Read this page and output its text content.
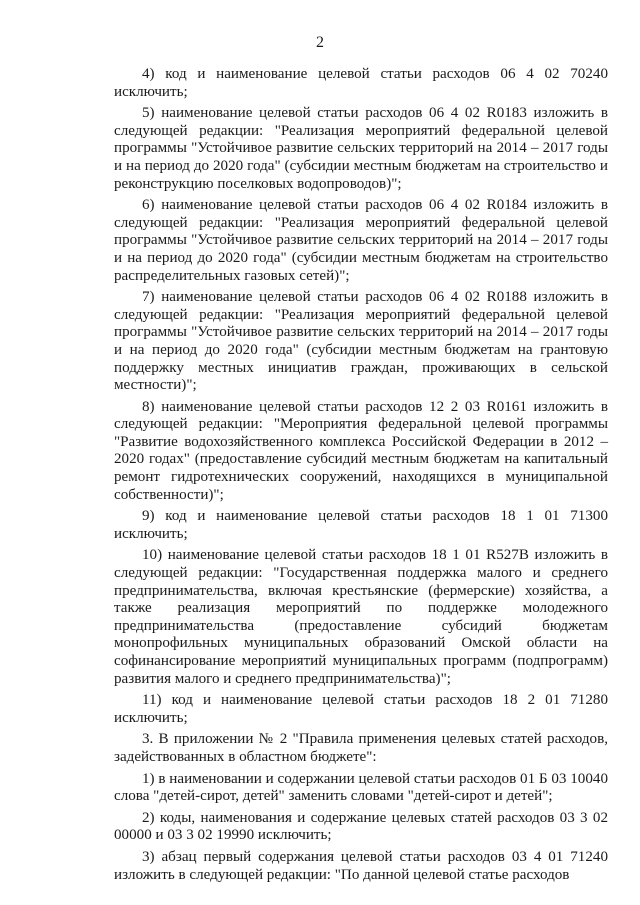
2

4) код и наименование целевой статьи расходов 06 4 02 70240 исключить;

5) наименование целевой статьи расходов 06 4 02 R0183 изложить в следующей редакции: "Реализация мероприятий федеральной целевой программы "Устойчивое развитие сельских территорий на 2014 – 2017 годы и на период до 2020 года" (субсидии местным бюджетам на строительство и реконструкцию поселковых водопроводов)";

6) наименование целевой статьи расходов 06 4 02 R0184 изложить в следующей редакции: "Реализация мероприятий федеральной целевой программы "Устойчивое развитие сельских территорий на 2014 – 2017 годы и на период до 2020 года" (субсидии местным бюджетам на строительство распределительных газовых сетей)";

7) наименование целевой статьи расходов 06 4 02 R0188 изложить в следующей редакции: "Реализация мероприятий федеральной целевой программы "Устойчивое развитие сельских территорий на 2014 – 2017 годы и на период до 2020 года" (субсидии местным бюджетам на грантовую поддержку местных инициатив граждан, проживающих в сельской местности)";

8) наименование целевой статьи расходов 12 2 03 R0161 изложить в следующей редакции: "Мероприятия федеральной целевой программы "Развитие водохозяйственного комплекса Российской Федерации в 2012 – 2020 годах" (предоставление субсидий местным бюджетам на капитальный ремонт гидротехнических сооружений, находящихся в муниципальной собственности)";

9) код и наименование целевой статьи расходов 18 1 01 71300 исключить;

10) наименование целевой статьи расходов 18 1 01 R527B изложить в следующей редакции: "Государственная поддержка малого и среднего предпринимательства, включая крестьянские (фермерские) хозяйства, а также реализация мероприятий по поддержке молодежного предпринимательства (предоставление субсидий бюджетам монопрофильных муниципальных образований Омской области на софинансирование мероприятий муниципальных программ (подпрограмм) развития малого и среднего предпринимательства)";

11) код и наименование целевой статьи расходов 18 2 01 71280 исключить;

3. В приложении № 2 "Правила применения целевых статей расходов, задействованных в областном бюджете":

1) в наименовании и содержании целевой статьи расходов 01 Б 03 10040 слова "детей-сирот, детей" заменить словами "детей-сирот и детей";

2) коды, наименования и содержание целевых статей расходов 03 3 02 00000 и 03 3 02 19990 исключить;

3) абзац первый содержания целевой статьи расходов 03 4 01 71240 изложить в следующей редакции: "По данной целевой статье расходов
